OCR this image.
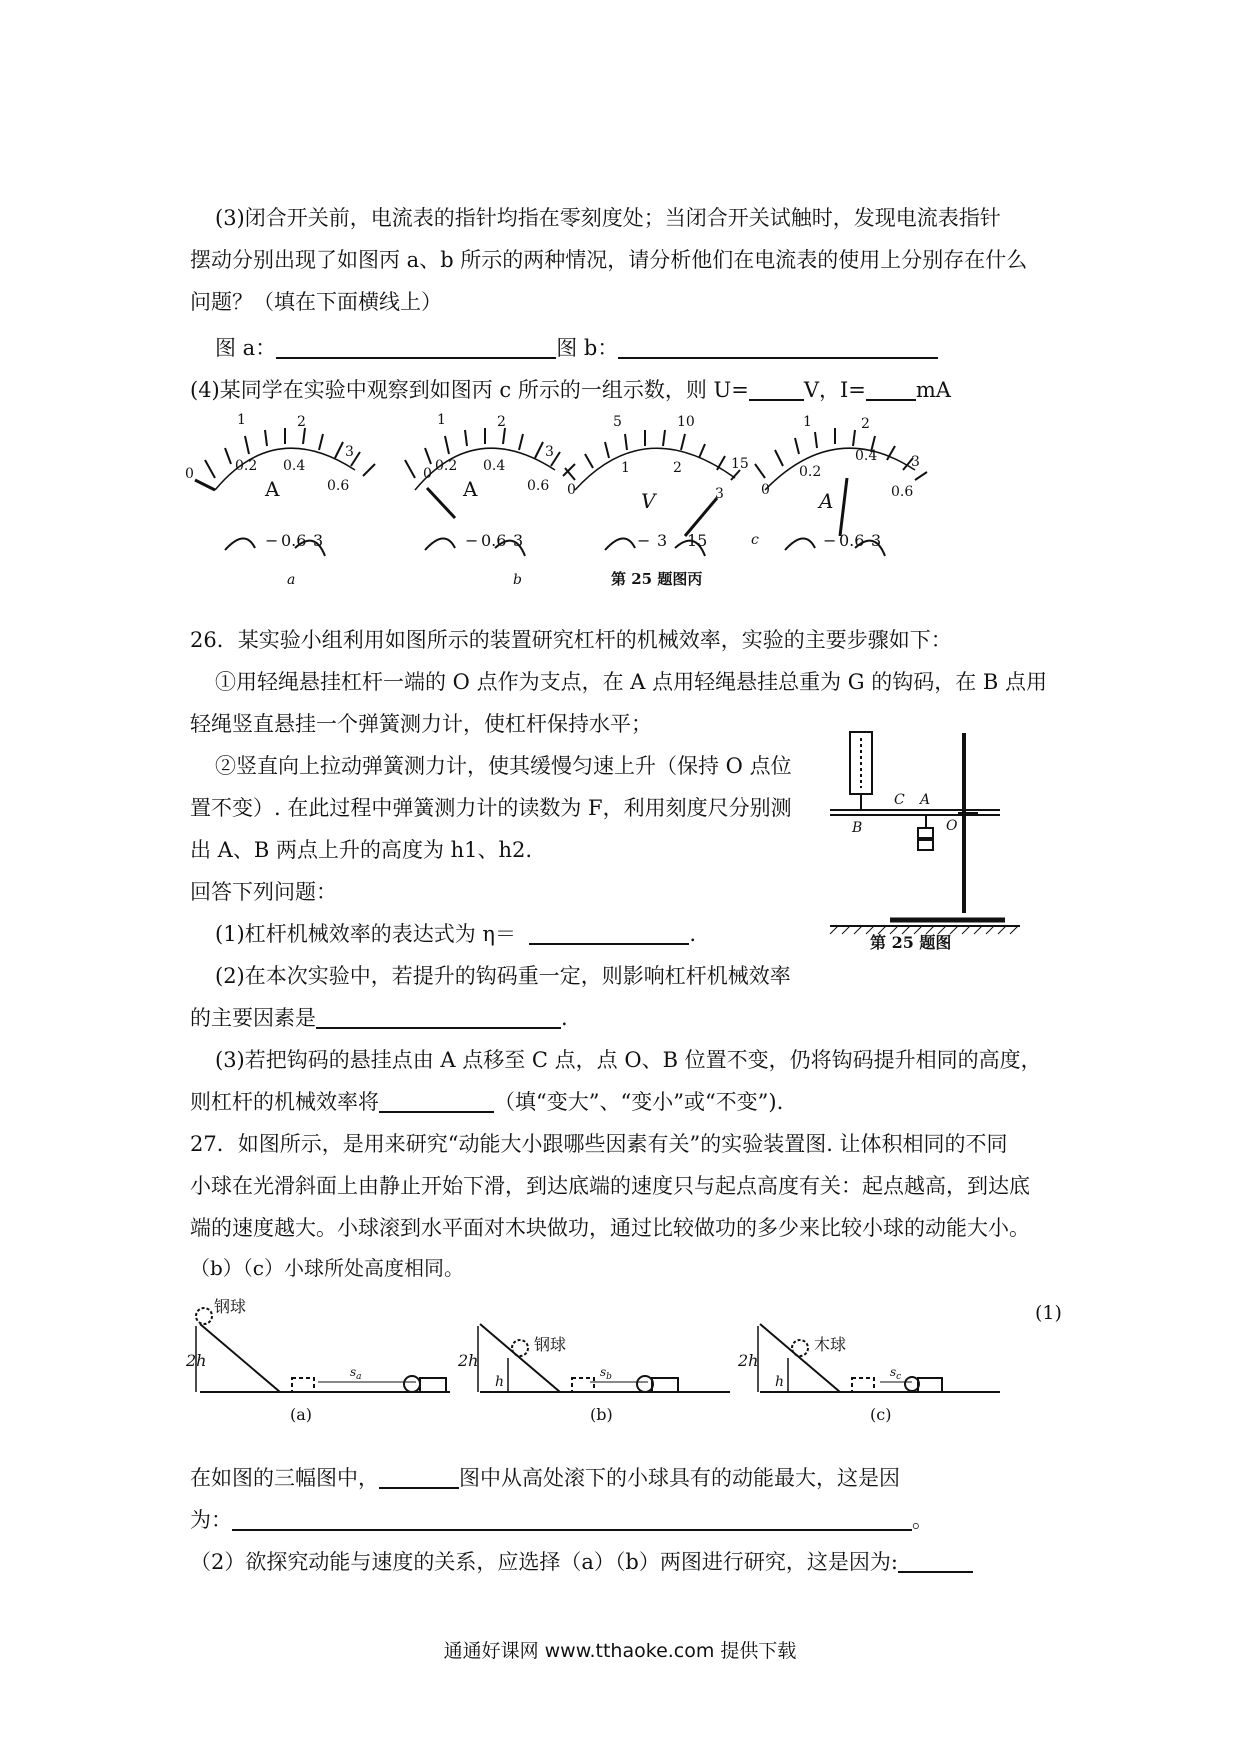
(3)闭合开关前，电流表的指针均指在零刻度处；当闭合开关试触时，发现电流表指针
摆动分别出现了如图丙 a、b 所示的两种情况，请分析他们在电流表的使用上分别存在什么
问题？（填在下面横线上）
图 a：	图 b：
(4)某同学在实验中观察到如图丙 c 所示的一组示数，则 U=	V，I= mA
0	0.2 0.4
0.6
1	2
3
A
− 0.6 3
a
0 0.2 0.4
0.6
1	2
3
A
− 0.6 3
b
0
1	2
3
5	10
15
V
− 3 15
0
0.2
0.4
0.6
1	2
3
A
− 0.6 3
c
第 25 题图丙
26．某实验小组利用如图所示的装置研究杠杆的机械效率，实验的主要步骤如下：
①用轻绳悬挂杠杆一端的 O 点作为支点，在 A 点用轻绳悬挂总重为 G 的钩码，在 B 点用
轻绳竖直悬挂一个弹簧测力计，使杠杆保持水平；
②竖直向上拉动弹簧测力计，使其缓慢匀速上升（保持 O 点位
置不变）. 在此过程中弹簧测力计的读数为 F，利用刻度尺分别测
出 A、B 两点上升的高度为 h1、h2.
回答下列问题：
(1)杠杆机械效率的表达式为 η＝	.
(2)在本次实验中，若提升的钩码重一定，则影响杠杆机械效率
的主要因素是	.
(3)若把钩码的悬挂点由 A 点移至 C 点，点 O、B 位置不变，仍将钩码提升相同的高度，
则杠杆的机械效率将	（填“变大”、“变小”或“不变”).
C A
B	O
第 25 题图
27．如图所示，是用来研究“动能大小跟哪些因素有关”的实验装置图. 让体积相同的不同
小球在光滑斜面上由静止开始下滑，到达底端的速度只与起点高度有关：起点越高，到达底
端的速度越大。小球滚到水平面对木块做功，通过比较做功的多少来比较小球的动能大小。
（b）（c）小球所处高度相同。
(1)
钢球
2h
$s_a$
(a)
钢球
2h
h
$s_b$
(b)
木球
2h
h
$s_c$
(c)
在如图的三幅图中，	图中从高处滚下的小球具有的动能最大，这是因
为：	。
（2）欲探究动能与速度的关系，应选择（a）（b）两图进行研究，这是因为:
通通好课网 www.tthaoke.com 提供下载
